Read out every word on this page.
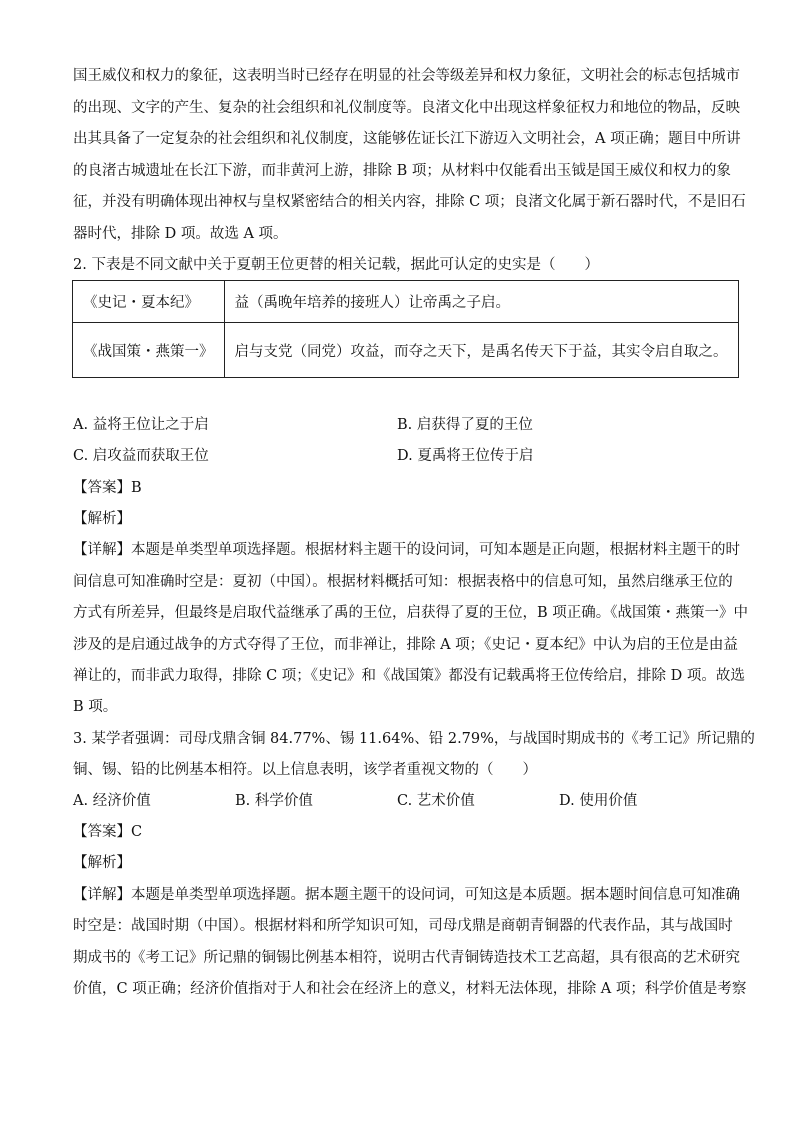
国王威仪和权力的象征，这表明当时已经存在明显的社会等级差异和权力象征，文明社会的标志包括城市
的出现、文字的产生、复杂的社会组织和礼仪制度等。良渚文化中出现这样象征权力和地位的物品，反映
出其具备了一定复杂的社会组织和礼仪制度，这能够佐证长江下游迈入文明社会，A 项正确；题目中所讲
的良渚古城遗址在长江下游，而非黄河上游，排除 B 项；从材料中仅能看出玉钺是国王威仪和权力的象
征，并没有明确体现出神权与皇权紧密结合的相关内容，排除 C 项；良渚文化属于新石器时代，不是旧石
器时代，排除 D 项。故选 A 项。
2. 下表是不同文献中关于夏朝王位更替的相关记载，据此可认定的史实是（　　）
《史记・夏本纪》	益（禹晚年培养的接班人）让帝禹之子启。
《战国策・燕策一》	启与支党（同党）攻益，而夺之天下，是禹名传天下于益，其实令启自取之。
A. 益将王位让之于启	B. 启获得了夏的王位
C. 启攻益而获取王位	D. 夏禹将王位传于启
【答案】B
【解析】
【详解】本题是单类型单项选择题。根据材料主题干的设问词，可知本题是正向题，根据材料主题干的时
间信息可知准确时空是：夏初（中国）。根据材料概括可知：根据表格中的信息可知，虽然启继承王位的
方式有所差异，但最终是启取代益继承了禹的王位，启获得了夏的王位，B 项正确。《战国策・燕策一》中
涉及的是启通过战争的方式夺得了王位，而非禅让，排除 A 项；《史记・夏本纪》中认为启的王位是由益
禅让的，而非武力取得，排除 C 项；《史记》和《战国策》都没有记载禹将王位传给启，排除 D 项。故选
B 项。
3. 某学者强调：司母戊鼎含铜 84.77%、锡 11.64%、铅 2.79%，与战国时期成书的《考工记》所记鼎的
铜、锡、铅的比例基本相符。以上信息表明，该学者重视文物的（　　）
A. 经济价值	B. 科学价值	C. 艺术价值	D. 使用价值
【答案】C
【解析】
【详解】本题是单类型单项选择题。据本题主题干的设问词，可知这是本质题。据本题时间信息可知准确
时空是：战国时期（中国）。根据材料和所学知识可知，司母戊鼎是商朝青铜器的代表作品，其与战国时
期成书的《考工记》所记鼎的铜锡比例基本相符，说明古代青铜铸造技术工艺高超，具有很高的艺术研究
价值，C 项正确；经济价值指对于人和社会在经济上的意义，材料无法体现，排除 A 项；科学价值是考察
